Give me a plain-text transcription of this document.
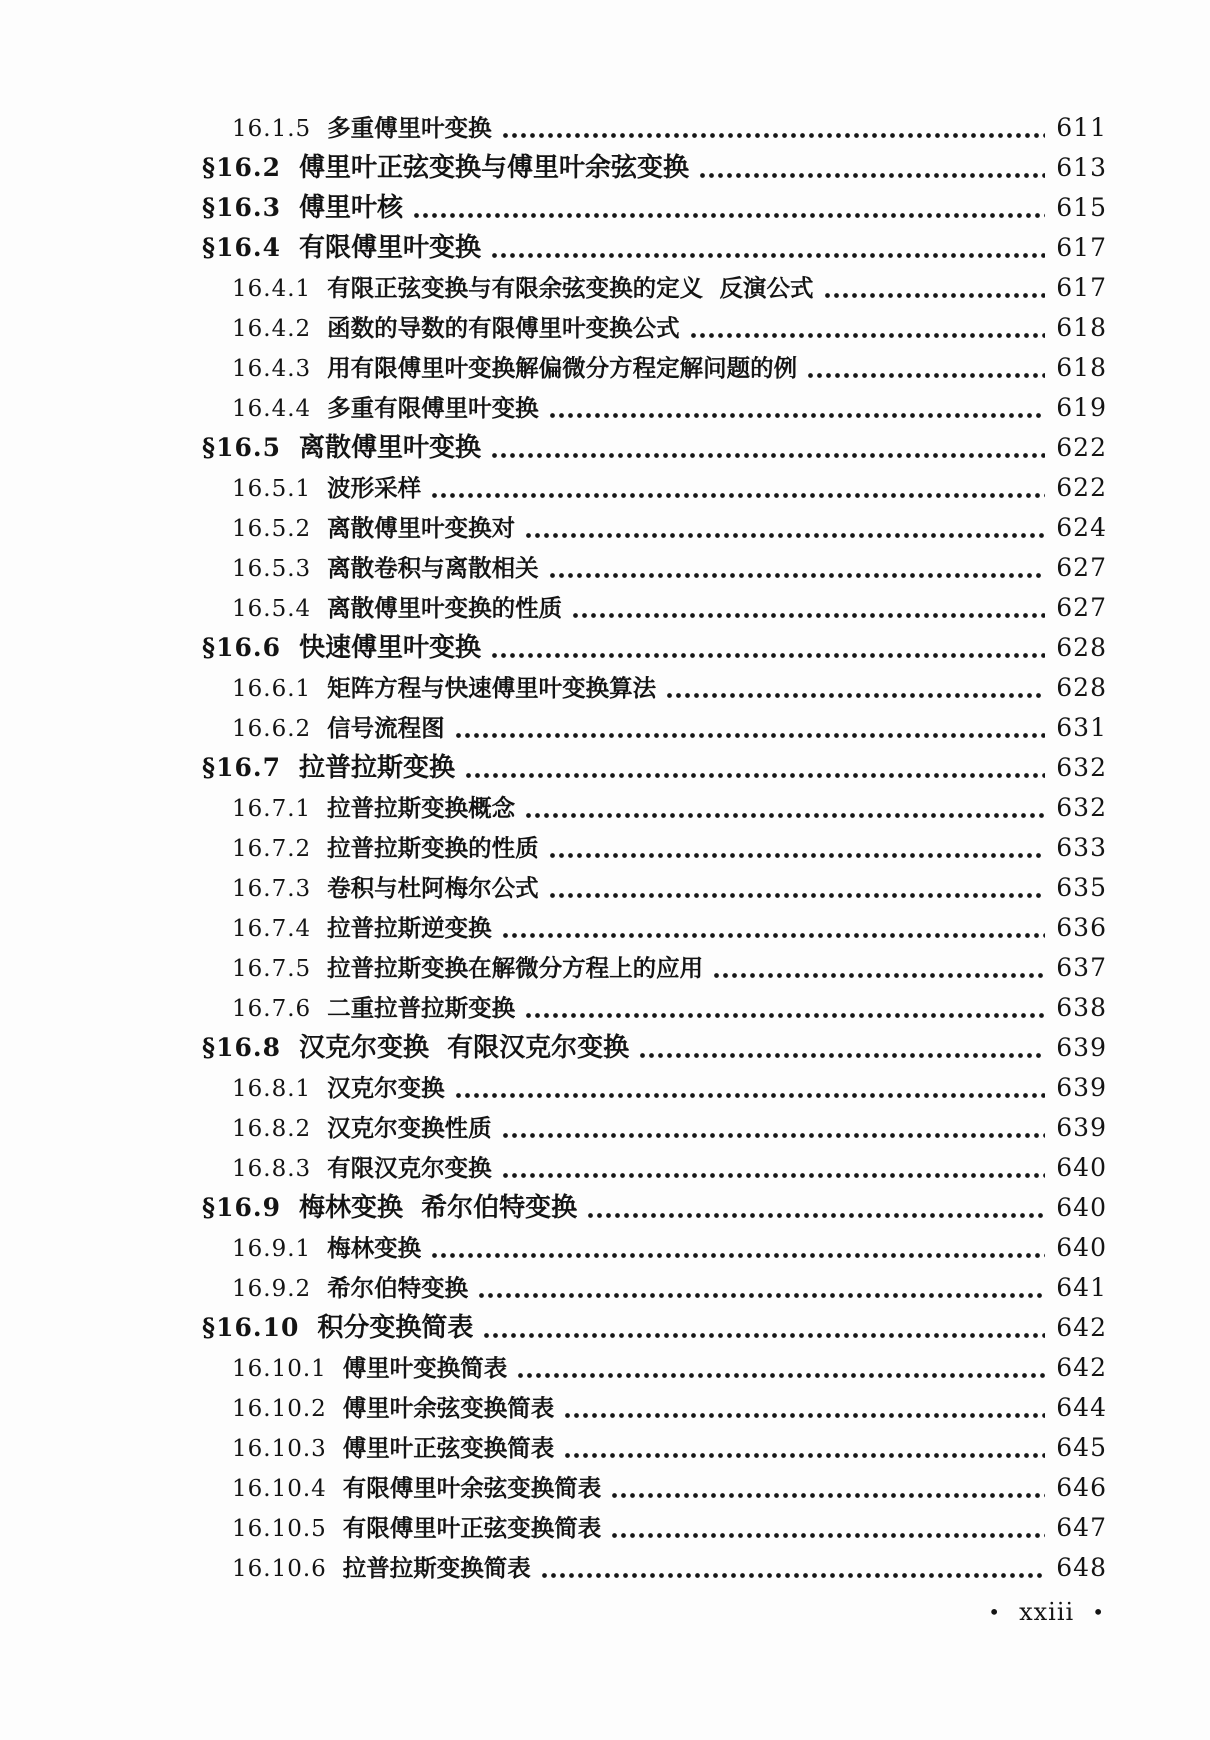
16.1.5 多重傅里叶变换	611
§16.2 傅里叶正弦变换与傅里叶余弦变换	613
§16.3 傅里叶核	615
§16.4 有限傅里叶变换	617
16.4.1 有限正弦变换与有限余弦变换的定义  反演公式	617
16.4.2 函数的导数的有限傅里叶变换公式	618
16.4.3 用有限傅里叶变换解偏微分方程定解问题的例	618
16.4.4 多重有限傅里叶变换	619
§16.5 离散傅里叶变换	622
16.5.1 波形采样	622
16.5.2 离散傅里叶变换对	624
16.5.3 离散卷积与离散相关	627
16.5.4 离散傅里叶变换的性质	627
§16.6 快速傅里叶变换	628
16.6.1 矩阵方程与快速傅里叶变换算法	628
16.6.2 信号流程图	631
§16.7 拉普拉斯变换	632
16.7.1 拉普拉斯变换概念	632
16.7.2 拉普拉斯变换的性质	633
16.7.3 卷积与杜阿梅尔公式	635
16.7.4 拉普拉斯逆变换	636
16.7.5 拉普拉斯变换在解微分方程上的应用	637
16.7.6 二重拉普拉斯变换	638
§16.8 汉克尔变换  有限汉克尔变换	639
16.8.1 汉克尔变换	639
16.8.2 汉克尔变换性质	639
16.8.3 有限汉克尔变换	640
§16.9 梅林变换  希尔伯特变换	640
16.9.1 梅林变换	640
16.9.2 希尔伯特变换	641
§16.10 积分变换简表	642
16.10.1 傅里叶变换简表	642
16.10.2 傅里叶余弦变换简表	644
16.10.3 傅里叶正弦变换简表	645
16.10.4 有限傅里叶余弦变换简表	646
16.10.5 有限傅里叶正弦变换简表	647
16.10.6 拉普拉斯变换简表	648
• xxiii •
